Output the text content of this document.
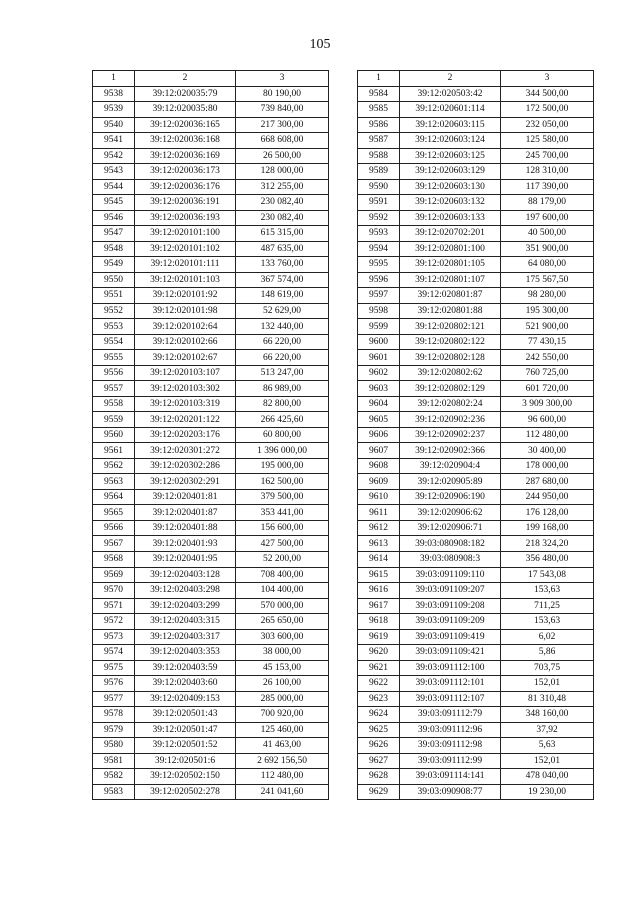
105
1	2	3
9538	39:12:020035:79	80 190,00
9539	39:12:020035:80	739 840,00
9540	39:12:020036:165	217 300,00
9541	39:12:020036:168	668 608,00
9542	39:12:020036:169	26 500,00
9543	39:12:020036:173	128 000,00
9544	39:12:020036:176	312 255,00
9545	39:12:020036:191	230 082,40
9546	39:12:020036:193	230 082,40
9547	39:12:020101:100	615 315,00
9548	39:12:020101:102	487 635,00
9549	39:12:020101:111	133 760,00
9550	39:12:020101:103	367 574,00
9551	39:12:020101:92	148 619,00
9552	39:12:020101:98	52 629,00
9553	39:12:020102:64	132 440,00
9554	39:12:020102:66	66 220,00
9555	39:12:020102:67	66 220,00
9556	39:12:020103:107	513 247,00
9557	39:12:020103:302	86 989,00
9558	39:12:020103:319	82 800,00
9559	39:12:020201:122	266 425,60
9560	39:12:020203:176	60 800,00
9561	39:12:020301:272	1 396 000,00
9562	39:12:020302:286	195 000,00
9563	39:12:020302:291	162 500,00
9564	39:12:020401:81	379 500,00
9565	39:12:020401:87	353 441,00
9566	39:12:020401:88	156 600,00
9567	39:12:020401:93	427 500,00
9568	39:12:020401:95	52 200,00
9569	39:12:020403:128	708 400,00
9570	39:12:020403:298	104 400,00
9571	39:12:020403:299	570 000,00
9572	39:12:020403:315	265 650,00
9573	39:12:020403:317	303 600,00
9574	39:12:020403:353	38 000,00
9575	39:12:020403:59	45 153,00
9576	39:12:020403:60	26 100,00
9577	39:12:020409:153	285 000,00
9578	39:12:020501:43	700 920,00
9579	39:12:020501:47	125 460,00
9580	39:12:020501:52	41 463,00
9581	39:12:020501:6	2 692 156,50
9582	39:12:020502:150	112 480,00
9583	39:12:020502:278	241 041,60
1	2	3
9584	39:12:020503:42	344 500,00
9585	39:12:020601:114	172 500,00
9586	39:12:020603:115	232 050,00
9587	39:12:020603:124	125 580,00
9588	39:12:020603:125	245 700,00
9589	39:12:020603:129	128 310,00
9590	39:12:020603:130	117 390,00
9591	39:12:020603:132	88 179,00
9592	39:12:020603:133	197 600,00
9593	39:12:020702:201	40 500,00
9594	39:12:020801:100	351 900,00
9595	39:12:020801:105	64 080,00
9596	39:12:020801:107	175 567,50
9597	39:12:020801:87	98 280,00
9598	39:12:020801:88	195 300,00
9599	39:12:020802:121	521 900,00
9600	39:12:020802:122	77 430,15
9601	39:12:020802:128	242 550,00
9602	39:12:020802:62	760 725,00
9603	39:12:020802:129	601 720,00
9604	39:12:020802:24	3 909 300,00
9605	39:12:020902:236	96 600,00
9606	39:12:020902:237	112 480,00
9607	39:12:020902:366	30 400,00
9608	39:12:020904:4	178 000,00
9609	39:12:020905:89	287 680,00
9610	39:12:020906:190	244 950,00
9611	39:12:020906:62	176 128,00
9612	39:12:020906:71	199 168,00
9613	39:03:080908:182	218 324,20
9614	39:03:080908:3	356 480,00
9615	39:03:091109:110	17 543,08
9616	39:03:091109:207	153,63
9617	39:03:091109:208	711,25
9618	39:03:091109:209	153,63
9619	39:03:091109:419	6,02
9620	39:03:091109:421	5,86
9621	39:03:091112:100	703,75
9622	39:03:091112:101	152,01
9623	39:03:091112:107	81 310,48
9624	39:03:091112:79	348 160,00
9625	39:03:091112:96	37,92
9626	39:03:091112:98	5,63
9627	39:03:091112:99	152,01
9628	39:03:091114:141	478 040,00
9629	39:03:090908:77	19 230,00
